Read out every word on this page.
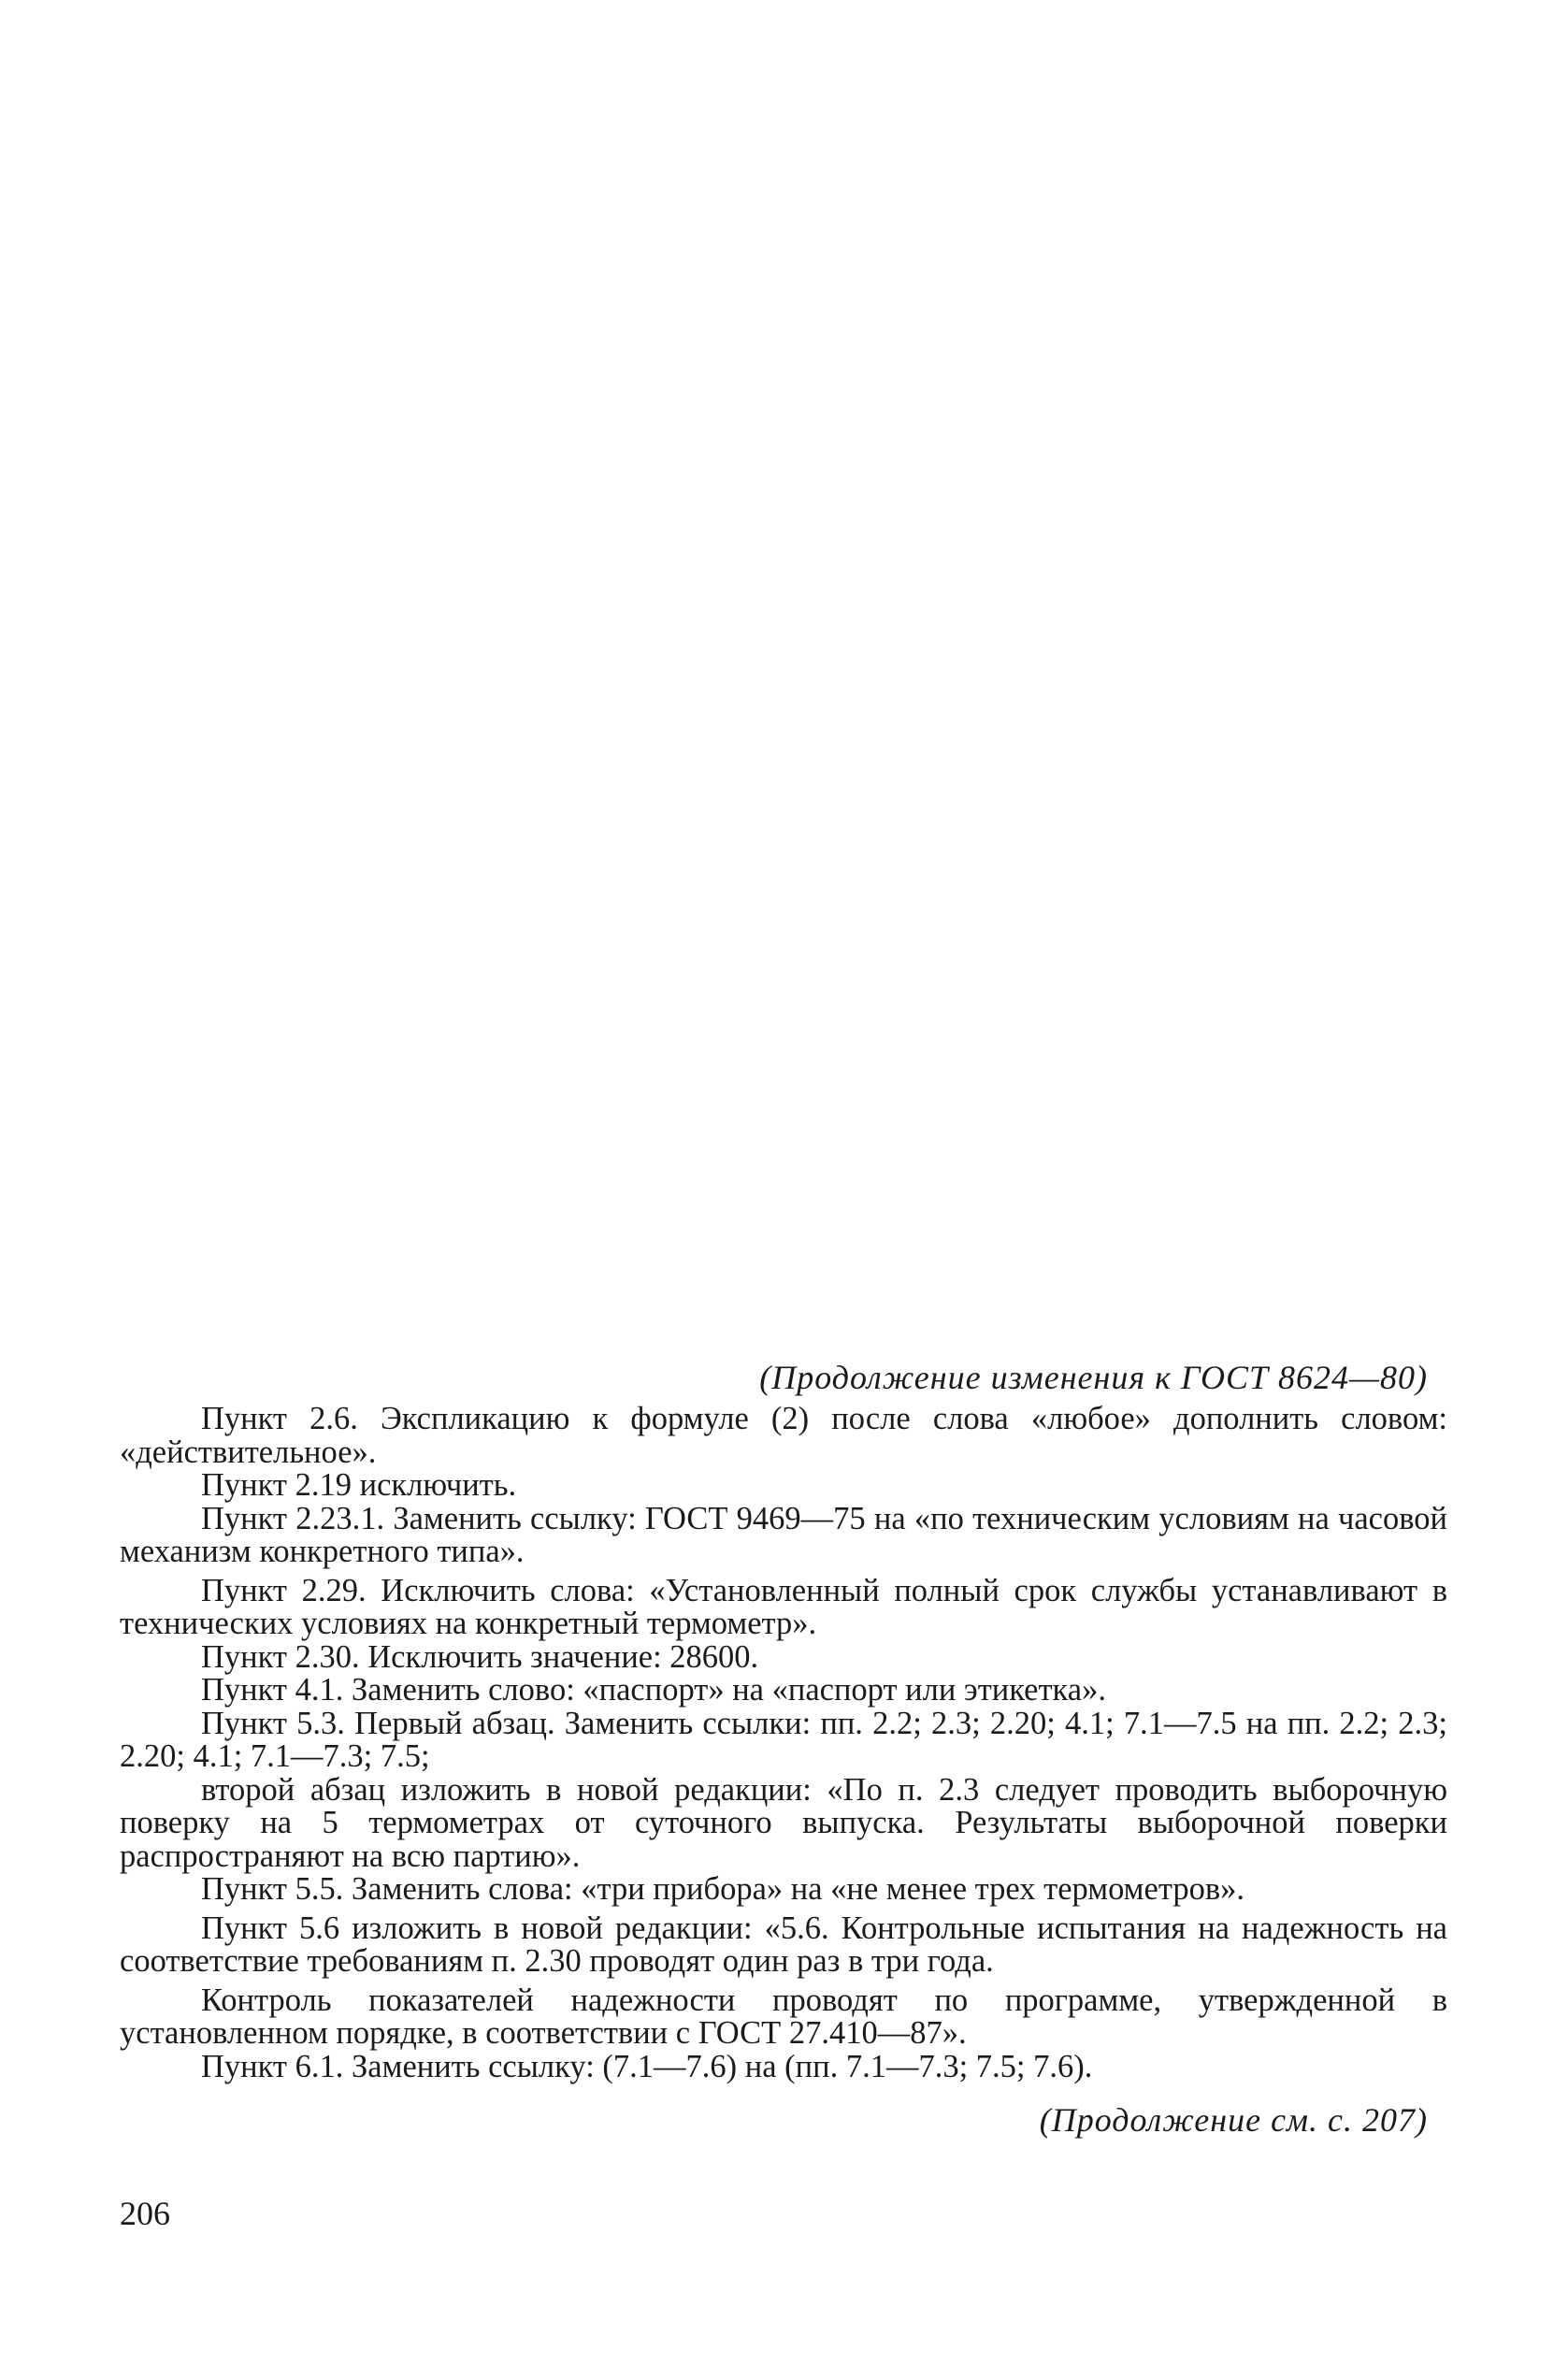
(Продолжение изменения к ГОСТ 8624—80)

Пункт 2.6. Экспликацию к формуле (2) после слова «любое» дополнить словом: «действительное».

Пункт 2.19 исключить.

Пункт 2.23.1. Заменить ссылку: ГОСТ 9469—75 на «по техническим условиям на часовой механизм конкретного типа».

Пункт 2.29. Исключить слова: «Установленный полный срок службы устанавливают в технических условиях на конкретный термометр».

Пункт 2.30. Исключить значение: 28600.

Пункт 4.1. Заменить слово: «паспорт» на «паспорт или этикетка».

Пункт 5.3. Первый абзац. Заменить ссылки: пп. 2.2; 2.3; 2.20; 4.1; 7.1—7.5 на пп. 2.2; 2.3; 2.20; 4.1; 7.1—7.3; 7.5;

второй абзац изложить в новой редакции: «По п. 2.3 следует проводить выборочную поверку на 5 термометрах от суточного выпуска. Результаты выборочной поверки распространяют на всю партию».

Пункт 5.5. Заменить слова: «три прибора» на «не менее трех термометров».

Пункт 5.6 изложить в новой редакции: «5.6. Контрольные испытания на надежность на соответствие требованиям п. 2.30 проводят один раз в три года.

Контроль показателей надежности проводят по программе, утвержденной в установленном порядке, в соответствии с ГОСТ 27.410—87».

Пункт 6.1. Заменить ссылку: (7.1—7.6) на (пп. 7.1—7.3; 7.5; 7.6).

(Продолжение см. с. 207)
206
